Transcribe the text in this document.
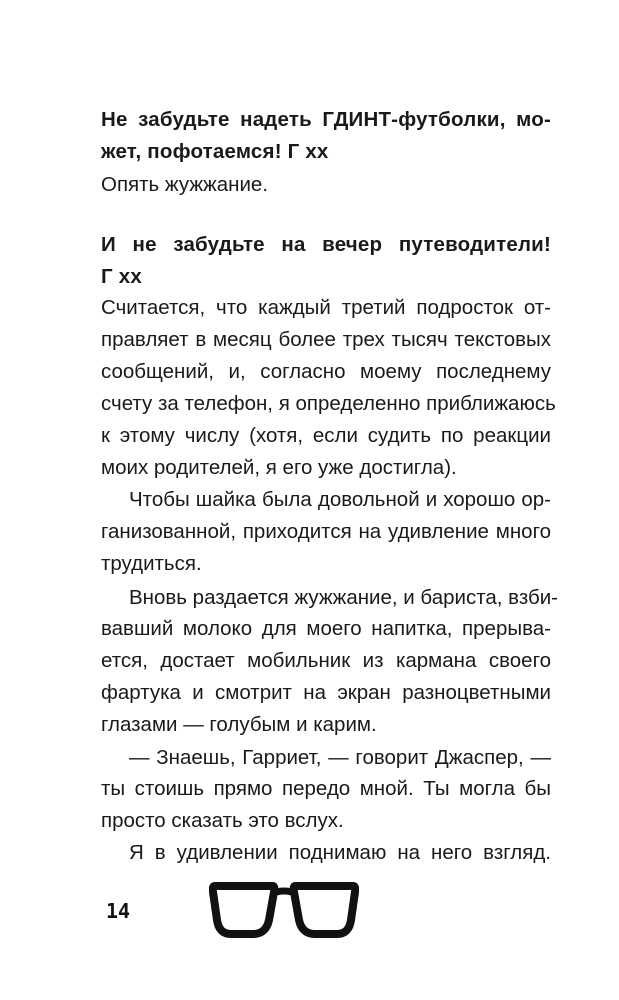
Не забудьте надеть ГДИНТ-футболки, мо-
жет, пофотаемся! Г хх
Опять жужжание.
И не забудьте на вечер путеводители!
Г хх
Считается, что каждый третий подросток от-
правляет в месяц более трех тысяч текстовых
сообщений, и, согласно моему последнему
счету за телефон, я определенно приближаюсь
к этому числу (хотя, если судить по реакции
моих родителей, я его уже достигла).
Чтобы шайка была довольной и хорошо ор-
ганизованной, приходится на удивление много
трудиться.
Вновь раздается жужжание, и бариста, взби-
вавший молоко для моего напитка, прерыва-
ется, достает мобильник из кармана своего
фартука и смотрит на экран разноцветными
глазами — голубым и карим.
— Знаешь, Гарриет, — говорит Джаспер, —
ты стоишь прямо передо мной. Ты могла бы
просто сказать это вслух.
Я в удивлении поднимаю на него взгляд.
14
